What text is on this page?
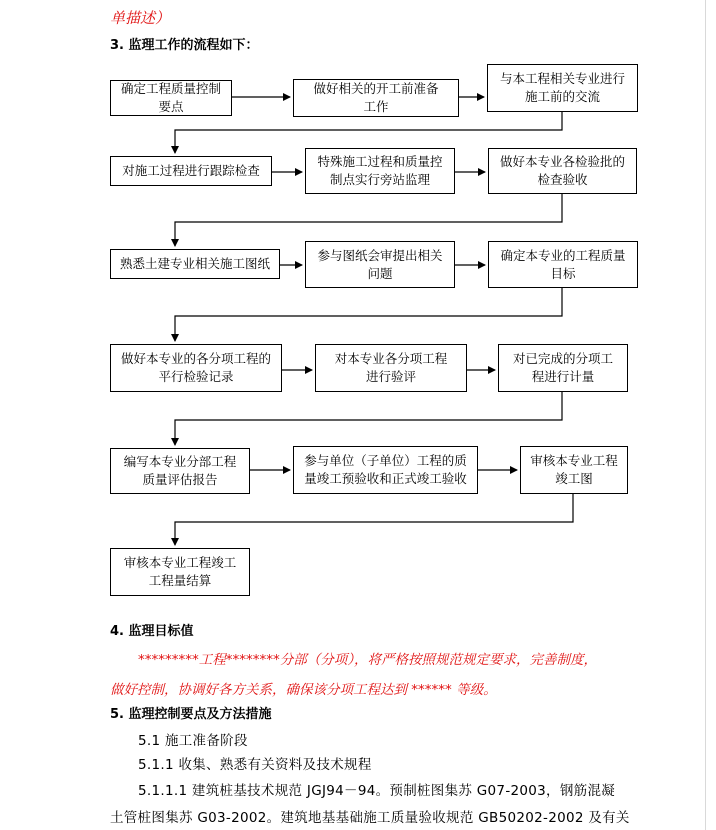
单描述）
3. 监理工作的流程如下：
确定工程质量控制
要点
做好相关的开工前准备
工作
与本工程相关专业进行
施工前的交流
对施工过程进行跟踪检查
特殊施工过程和质量控
制点实行旁站监理
做好本专业各检验批的
检查验收
熟悉土建专业相关施工图纸
参与图纸会审提出相关
问题
确定本专业的工程质量
目标
做好本专业的各分项工程的
平行检验记录
对本专业各分项工程
进行验评
对已完成的分项工
程进行计量
编写本专业分部工程
质量评估报告
参与单位（子单位）工程的质
量竣工预验收和正式竣工验收
审核本专业工程
竣工图
审核本专业工程竣工
工程量结算
4. 监理目标值
*********工程********分部（分项），将严格按照规范规定要求，完善制度，
做好控制，协调好各方关系，确保该分项工程达到 ****** 等级。
5. 监理控制要点及方法措施
5.1 施工准备阶段
5.1.1 收集、熟悉有关资料及技术规程
5.1.1.1 建筑桩基技术规范 JGJ94－94。预制桩图集苏 G07-2003，钢筋混凝
土管桩图集苏 G03-2002。建筑地基基础施工质量验收规范 GB50202-2002 及有关
